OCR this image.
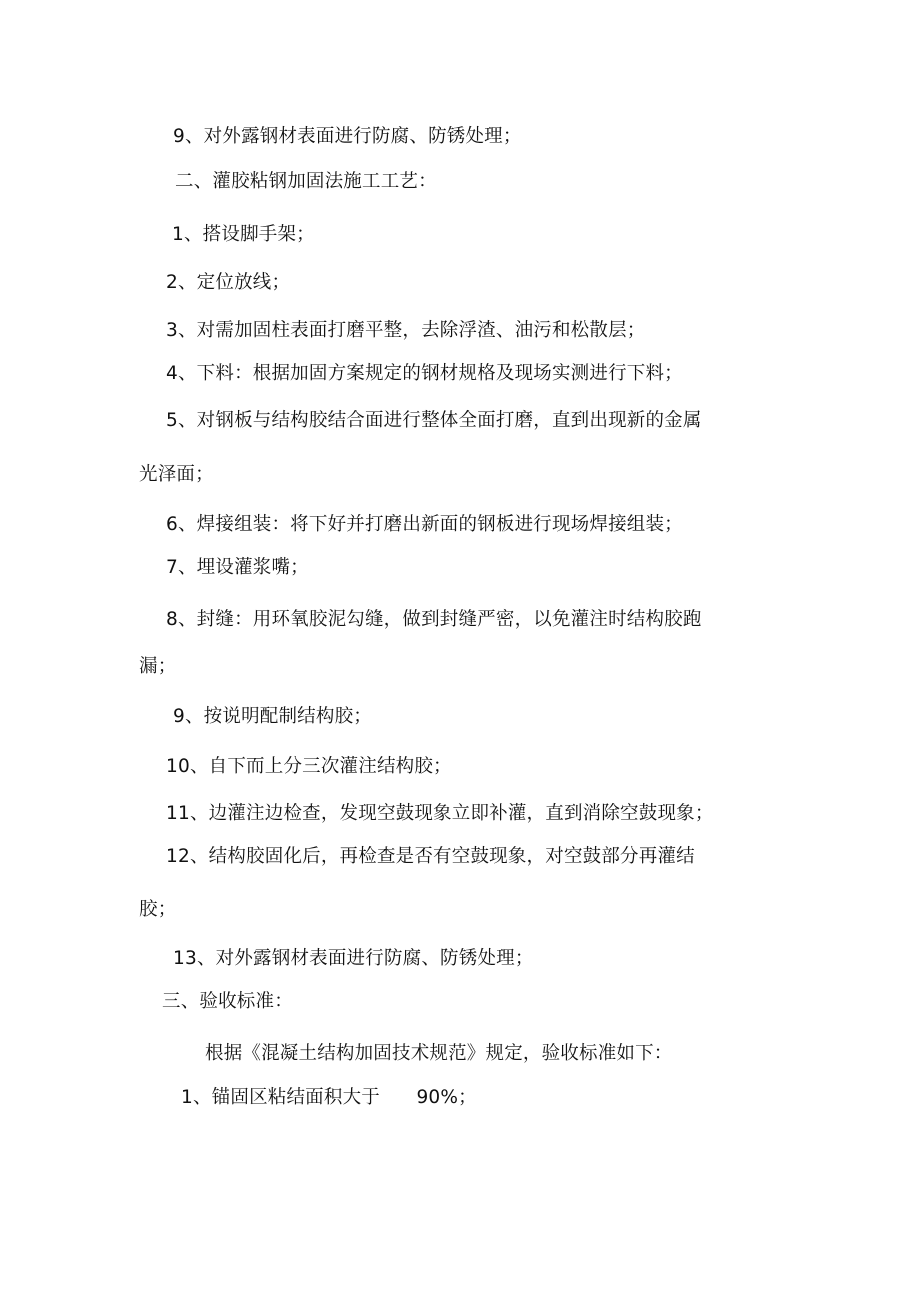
9、对外露钢材表面进行防腐、防锈处理；
二、灌胶粘钢加固法施工工艺：
1、搭设脚手架；
2、定位放线；
3、对需加固柱表面打磨平整，去除浮渣、油污和松散层；
4、下料：根据加固方案规定的钢材规格及现场实测进行下料；
5、对钢板与结构胶结合面进行整体全面打磨，直到出现新的金属
光泽面；
6、焊接组装：将下好并打磨出新面的钢板进行现场焊接组装；
7、埋设灌浆嘴；
8、封缝：用环氧胶泥勾缝，做到封缝严密，以免灌注时结构胶跑
漏；
9、按说明配制结构胶；
10、自下而上分三次灌注结构胶；
11、边灌注边检查，发现空鼓现象立即补灌，直到消除空鼓现象；
12、结构胶固化后，再检查是否有空鼓现象，对空鼓部分再灌结
胶；
13、对外露钢材表面进行防腐、防锈处理；
三、验收标准：
根据《混凝土结构加固技术规范》规定，验收标准如下：
1、锚固区粘结面积大于      90%；
